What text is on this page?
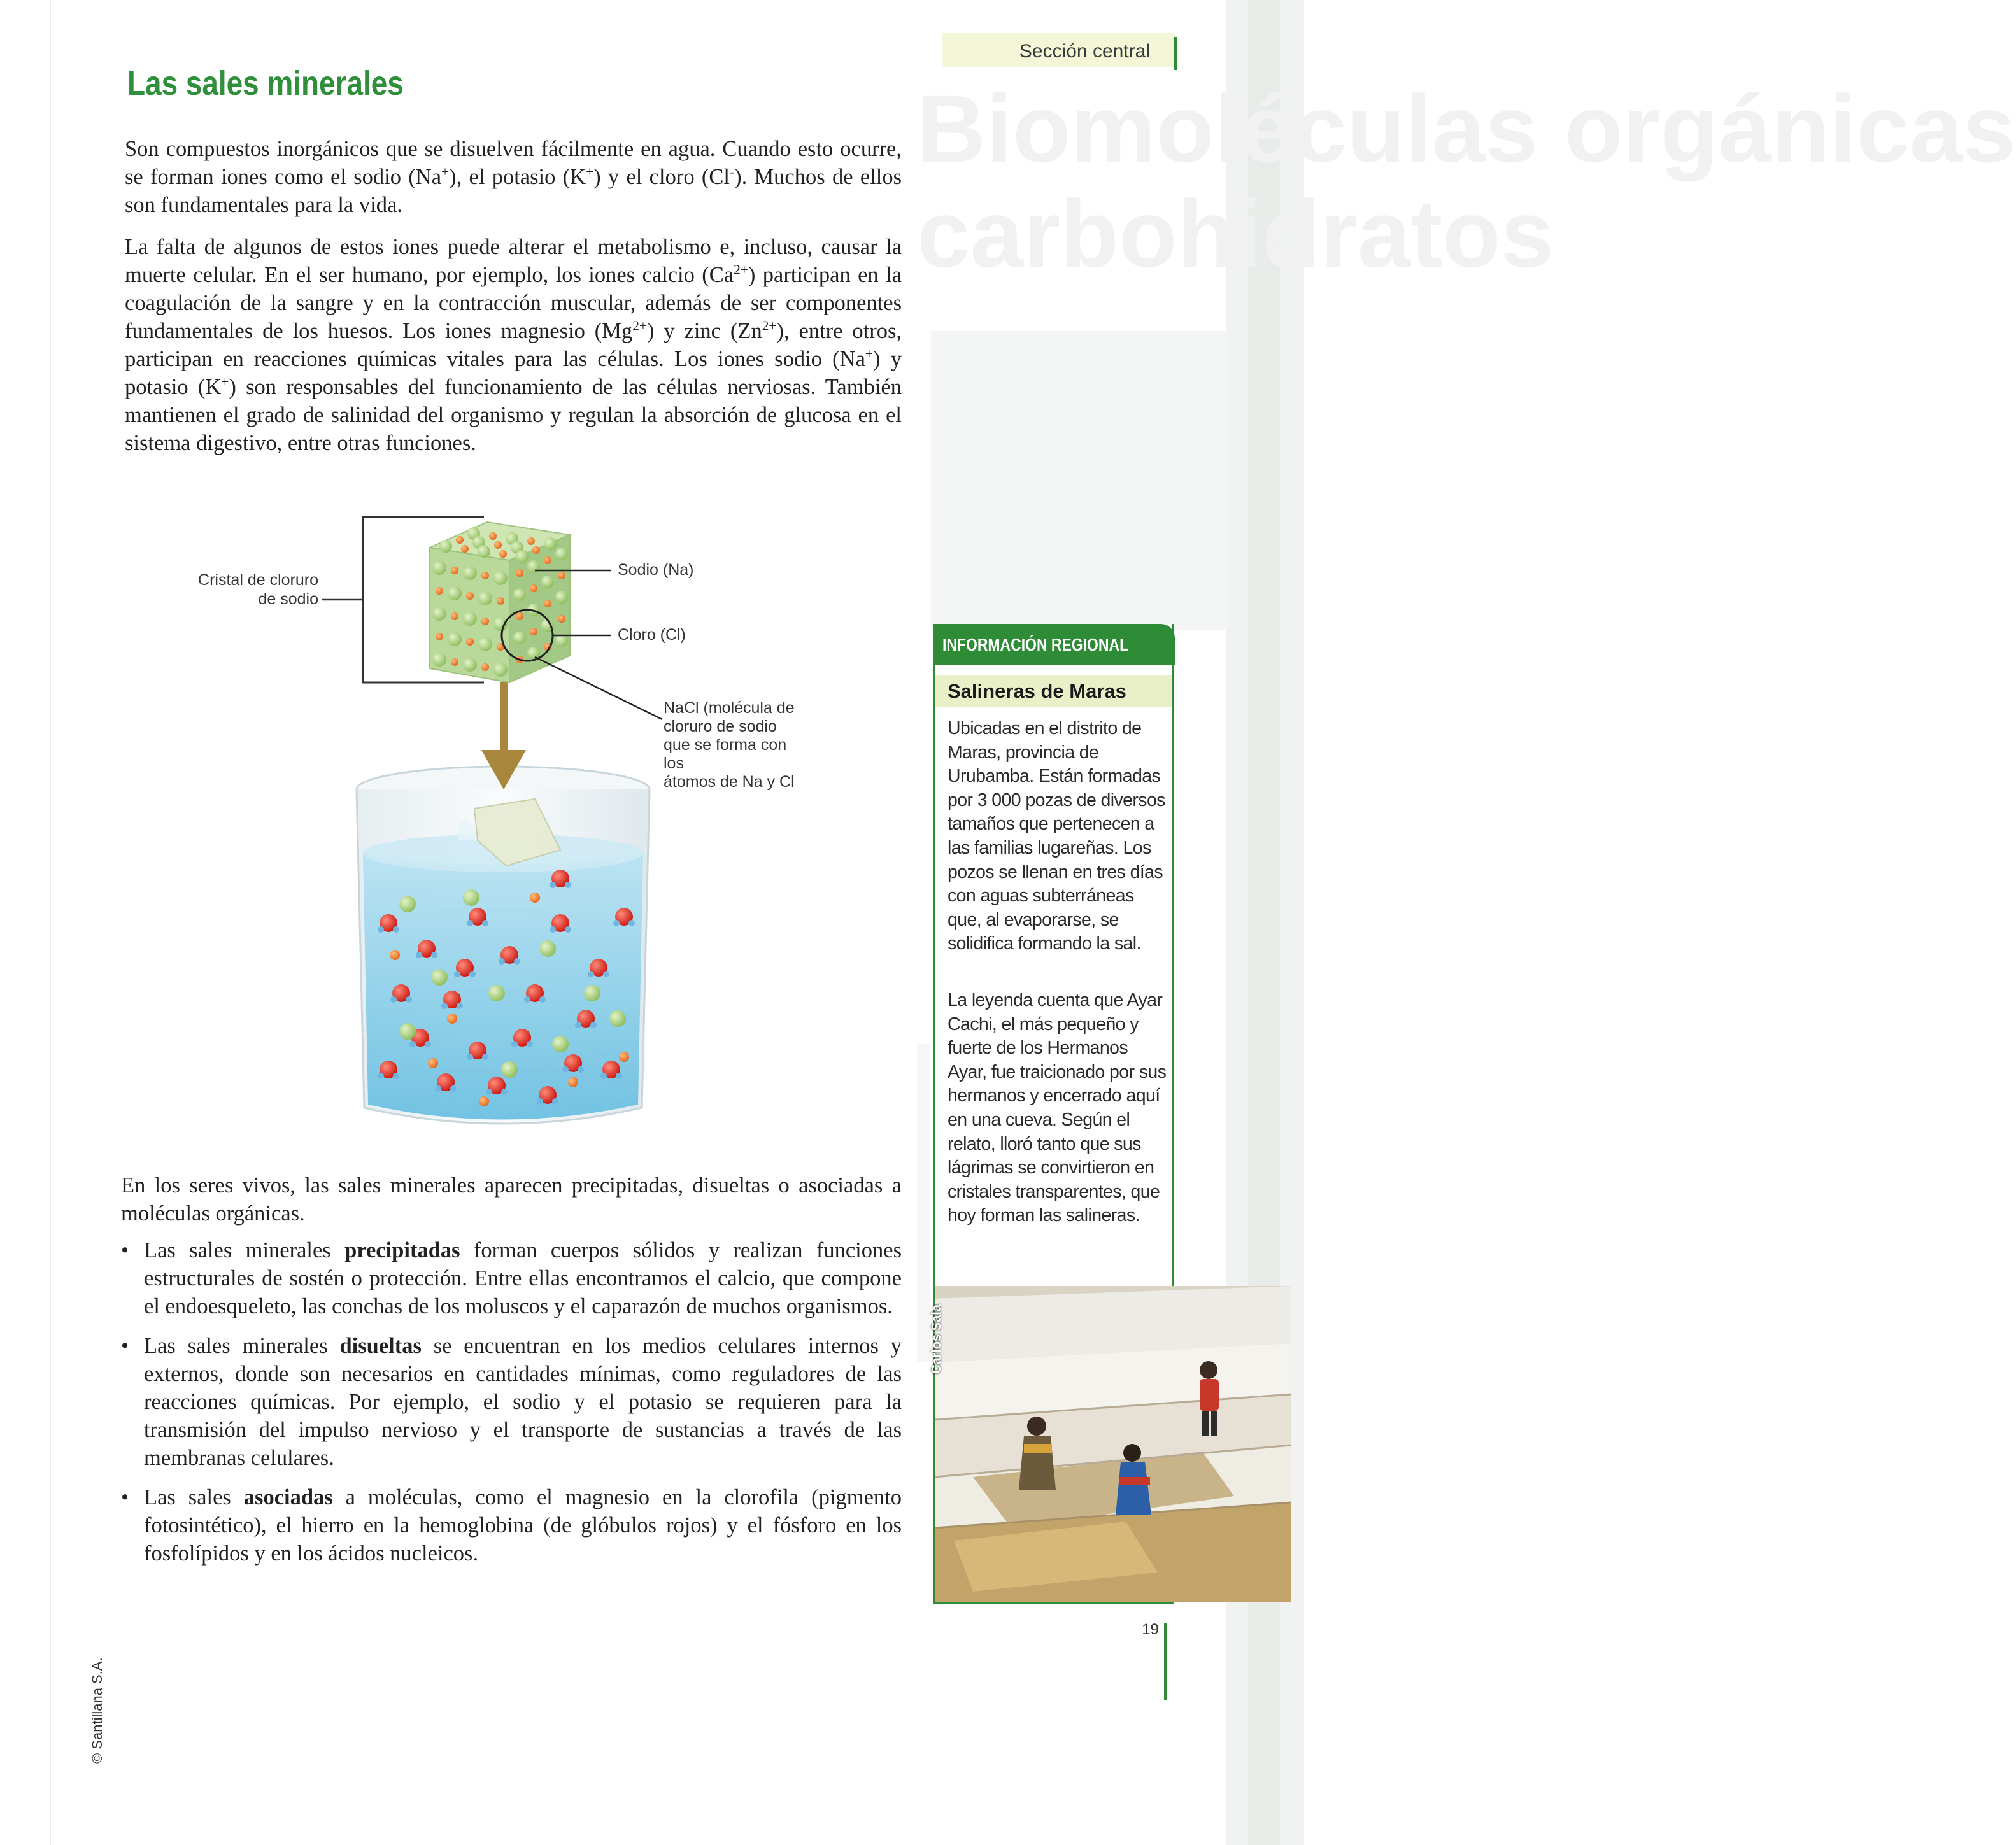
Biomoléculas orgánicas
carbohidratos
Sección central
Las sales minerales

Son compuestos inorgánicos que se disuelven fácilmente en agua. Cuando esto ocurre, se forman iones como el sodio (Na+), el potasio (K+) y el cloro (Cl-). Muchos de ellos son fundamentales para la vida.

La falta de algunos de estos iones puede alterar el metabolismo e, incluso, causar la muerte celular. En el ser humano, por ejemplo, los iones calcio $(Ca^{2+})$ participan en la coagulación de la sangre y en la contracción muscular, además de ser componentes fundamentales de los huesos. Los iones magnesio $(Mg^{2+})$ y zinc $(Zn^{2+})$, entre otros, participan en reacciones químicas vitales para las células. Los iones sodio (Na+) y potasio (K+) son responsables del funcionamiento de las células nerviosas. También mantienen el grado de salinidad del organismo y regulan la absorción de glucosa en el sistema digestivo, entre otras funciones.

Cristal de cloruro
de sodio
Sodio (Na)
Cloro (Cl)
NaCl (molécula de
cloruro de sodio
que se forma con los
átomos de Na y Cl

En los seres vivos, las sales minerales aparecen precipitadas, disueltas o asociadas a moléculas orgánicas.

• Las sales minerales precipitadas forman cuerpos sólidos y realizan funciones estructurales de sostén o protección. Entre ellas encontramos el calcio, que compone el endoesqueleto, las conchas de los moluscos y el caparazón de muchos organismos.
• Las sales minerales disueltas se encuentran en los medios celulares internos y externos, donde son necesarios en cantidades mínimas, como reguladores de las reacciones químicas. Por ejemplo, el sodio y el potasio se requieren para la transmisión del impulso nervioso y el transporte de sustancias a través de las membranas celulares.
• Las sales asociadas a moléculas, como el magnesio en la clorofila (pigmento fotosintético), el hierro en la hemoglobina (de glóbulos rojos) y el fósforo en los fosfolípidos y en los ácidos nucleicos.
© Santillana S.A.
INFORMACIÓN REGIONAL
Salineras de Maras

Ubicadas en el distrito de Maras, provincia de Urubamba. Están formadas por 3 000 pozas de diversos tamaños que pertenecen a las familias lugareñas. Los pozos se llenan en tres días con aguas subterráneas que, al evaporarse, se solidifica formando la sal.

La leyenda cuenta que Ayar Cachi, el más pequeño y fuerte de los Hermanos Ayar, fue traicionado por sus hermanos y encerrado aquí en una cueva. Según el relato, lloró tanto que sus lágrimas se convirtieron en cristales transparentes, que hoy forman las salineras.

Carlos Sala
19
